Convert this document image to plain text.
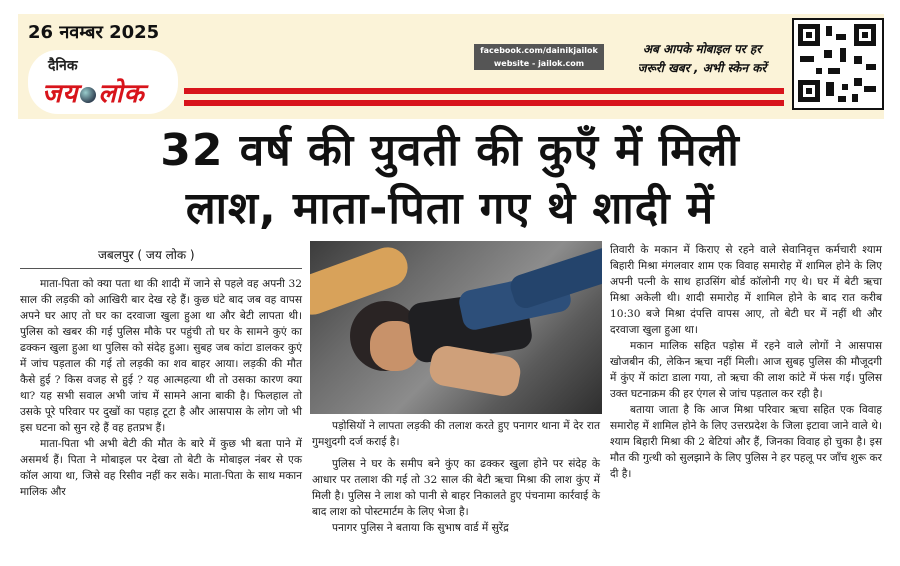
26 नवम्बर 2025
दैनिक
जय लोक
facebook.com/dainikjailok
website - jailok.com
अब आपके मोबाइल पर हर
जरूरी खबर , अभी स्केन करें
32 वर्ष की युवती की कुएँ में मिली
लाश, माता-पिता गए थे शादी में
जबलपुर ( जय लोक )

माता-पिता को क्या पता था की शादी में जाने से पहले वह अपनी 32 साल की लड़की को आखिरी बार देख रहे हैं। कुछ घंटे बाद जब वह वापस अपने घर आए तो घर का दरवाजा खुला हुआ था और बेटी लापता थी। पुलिस को खबर की गई पुलिस मौके पर पहुंची तो घर के सामने कुएं का ढक्कन खुला हुआ था पुलिस को संदेह हुआ। सुबह जब कांटा डालकर कुएं में जांच पड़ताल की गई तो लड़की का शव बाहर आया। लड़की की मौत कैसे हुई ? किस वजह से हुई ? यह आत्महत्या थी तो उसका कारण क्या था? यह सभी सवाल अभी जांच में सामने आना बाकी है। फिलहाल तो उसके पूरे परिवार पर दुखों का पहाड़ टूटा है और आसपास के लोग जो भी इस घटना को सुन रहे हैं वह हतप्रभ हैं।

माता-पिता भी अभी बेटी की मौत के बारे में कुछ भी बता पाने में असमर्थ हैं। पिता ने मोबाइल पर देखा तो बेटी के मोबाइल नंबर से एक कॉल आया था, जिसे वह रिसीव नहीं कर सके। माता-पिता के साथ मकान मालिक और

पड़ोसियों ने लापता लड़की की तलाश करते हुए पनागर थाना में देर रात गुमशुदगी दर्ज कराई है।

पुलिस ने घर के समीप बने कुंए का ढक्कर खुला होने पर संदेह के आधार पर तलाश की गई तो 32 साल की बेटी ऋचा मिश्रा की लाश कुंए में मिली है। पुलिस ने लाश को पानी से बाहर निकालते हुए पंचनामा कार्रवाई के बाद लाश को पोस्टमार्टम के लिए भेजा है।

पनागर पुलिस ने बताया कि सुभाष वार्ड में सुरेंद्र

तिवारी के मकान में किराए से रहने वाले सेवानिवृत्त कर्मचारी श्याम बिहारी मिश्रा मंगलवार शाम एक विवाह समारोह में शामिल होने के लिए अपनी पत्नी के साथ हाउसिंग बोर्ड कॉलोनी गए थे। घर में बेटी ऋचा मिश्रा अकेली थी। शादी समारोह में शामिल होने के बाद रात करीब 10:30 बजे मिश्रा दंपत्ति वापस आए, तो बेटी घर में नहीं थी और दरवाजा खुला हुआ था।

मकान मालिक सहित पड़ोस में रहने वाले लोगों ने आसपास खोजबीन की, लेकिन ऋचा नहीं मिली। आज सुबह पुलिस की मौजूदगी में कुंए में कांटा डाला गया, तो ऋचा की लाश कांटे में फंस गई। पुलिस उक्त घटनाक्रम की हर एंगल से जांच पड़ताल कर रही है।

बताया जाता है कि आज मिश्रा परिवार ऋचा सहित एक विवाह समारोह में शामिल होने के लिए उत्तरप्रदेश के जिला इटावा जाने वाले थे। श्याम बिहारी मिश्रा की 2 बेटियां और हैं, जिनका विवाह हो चुका है। इस मौत की गुत्थी को सुलझाने के लिए पुलिस ने हर पहलू पर जाँच शुरू कर दी है।
